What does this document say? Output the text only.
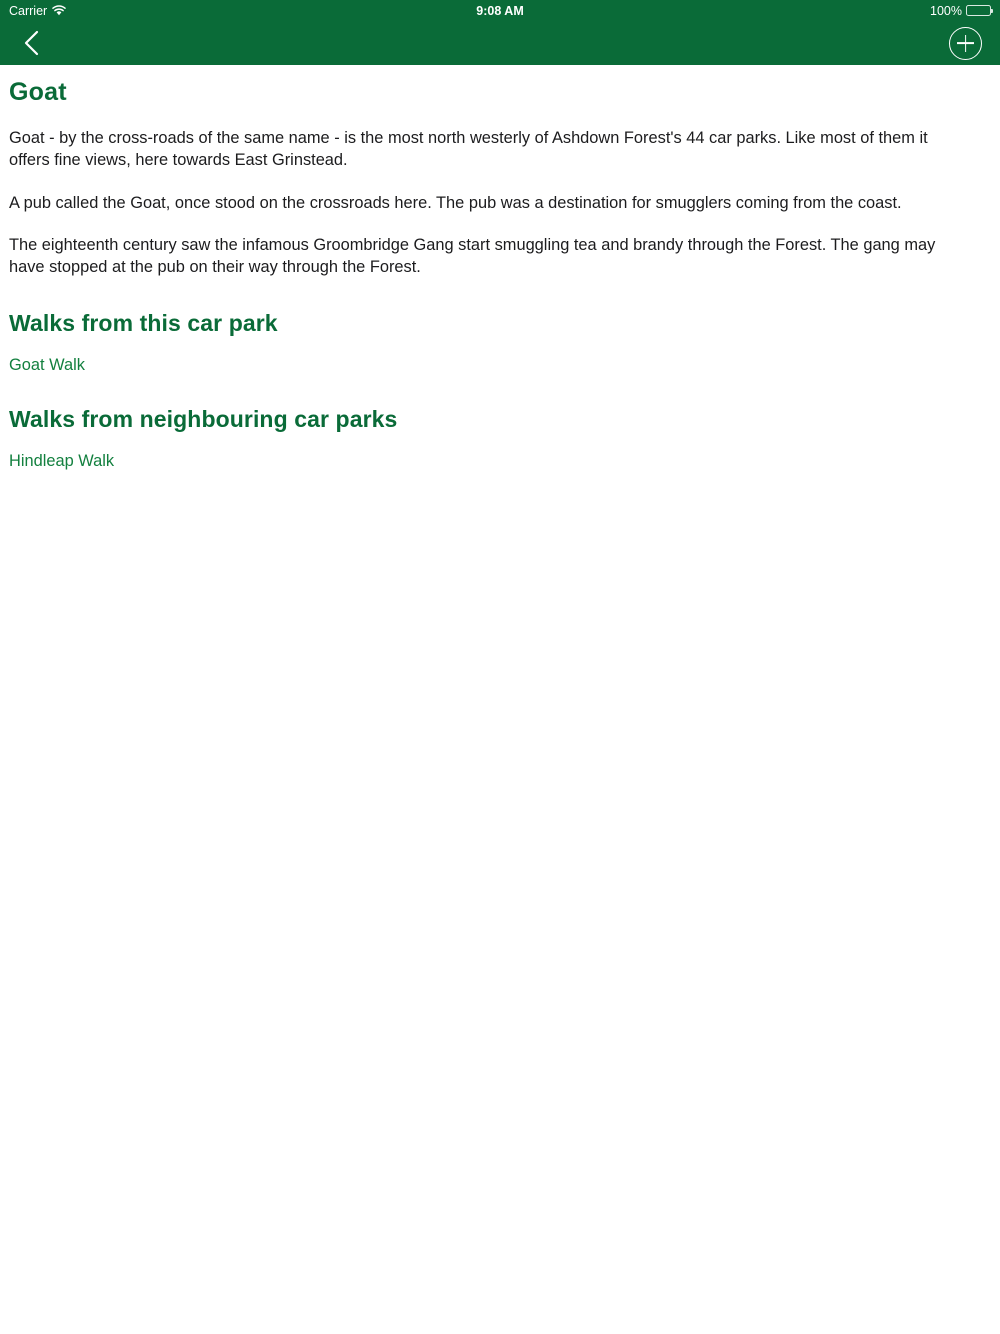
Carrier	9:08 AM	100%
Goat

Goat - by the cross-roads of the same name - is the most north westerly of Ashdown Forest's 44 car parks. Like most of them it offers fine views, here towards East Grinstead.

A pub called the Goat, once stood on the crossroads here. The pub was a destination for smugglers coming from the coast.

The eighteenth century saw the infamous Groombridge Gang start smuggling tea and brandy through the Forest. The gang may have stopped at the pub on their way through the Forest.

Walks from this car park
Goat Walk
Walks from neighbouring car parks
Hindleap Walk
